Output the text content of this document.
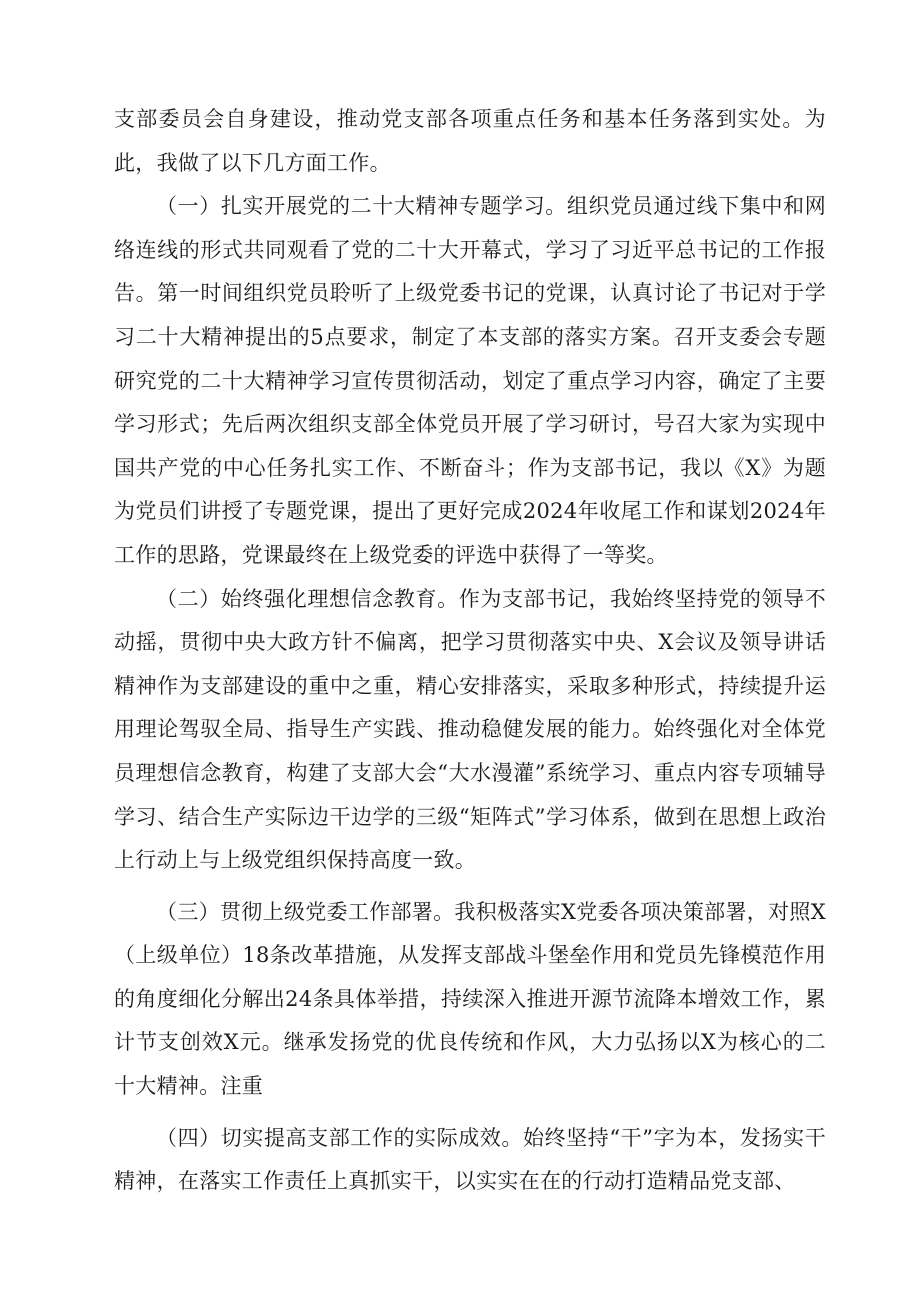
支部委员会自身建设，推动党支部各项重点任务和基本任务落到实处。为此，我做了以下几方面工作。

（一）扎实开展党的二十大精神专题学习。组织党员通过线下集中和网络连线的形式共同观看了党的二十大开幕式，学习了习近平总书记的工作报告。第一时间组织党员聆听了上级党委书记的党课，认真讨论了书记对于学习二十大精神提出的5点要求，制定了本支部的落实方案。召开支委会专题研究党的二十大精神学习宣传贯彻活动，划定了重点学习内容，确定了主要学习形式；先后两次组织支部全体党员开展了学习研讨，号召大家为实现中国共产党的中心任务扎实工作、不断奋斗；作为支部书记，我以《X》为题为党员们讲授了专题党课，提出了更好完成2024年收尾工作和谋划2024年工作的思路，党课最终在上级党委的评选中获得了一等奖。

（二）始终强化理想信念教育。作为支部书记，我始终坚持党的领导不动摇，贯彻中央大政方针不偏离，把学习贯彻落实中央、X会议及领导讲话精神作为支部建设的重中之重，精心安排落实，采取多种形式，持续提升运用理论驾驭全局、指导生产实践、推动稳健发展的能力。始终强化对全体党员理想信念教育，构建了支部大会“大水漫灌”系统学习、重点内容专项辅导学习、结合生产实际边干边学的三级“矩阵式”学习体系，做到在思想上政治上行动上与上级党组织保持高度一致。

（三）贯彻上级党委工作部署。我积极落实X党委各项决策部署，对照X（上级单位）18条改革措施，从发挥支部战斗堡垒作用和党员先锋模范作用的角度细化分解出24条具体举措，持续深入推进开源节流降本增效工作，累计节支创效X元。继承发扬党的优良传统和作风，大力弘扬以X为核心的二十大精神。注重

（四）切实提高支部工作的实际成效。始终坚持“干”字为本，发扬实干精神，在落实工作责任上真抓实干，以实实在在的行动打造精品党支部、
